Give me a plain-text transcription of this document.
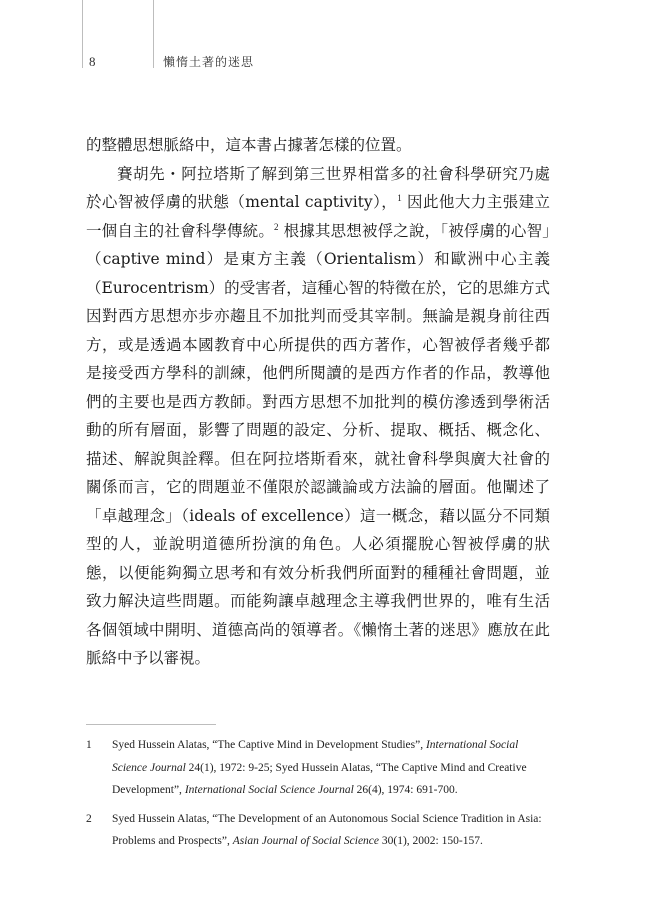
8	懶惰土著的迷思

的整體思想脈絡中，這本書占據著怎樣的位置。

賽胡先・阿拉塔斯了解到第三世界相當多的社會科學研究乃處於心智被俘虜的狀態（mental captivity），$^1$ 因此他大力主張建立一個自主的社會科學傳統。$^2$ 根據其思想被俘之說，「被俘虜的心智」（captive mind）是東方主義（Orientalism）和歐洲中心主義（Eurocentrism）的受害者，這種心智的特徵在於，它的思維方式因對西方思想亦步亦趨且不加批判而受其宰制。無論是親身前往西方，或是透過本國教育中心所提供的西方著作，心智被俘者幾乎都是接受西方學科的訓練，他們所閱讀的是西方作者的作品，教導他們的主要也是西方教師。對西方思想不加批判的模仿滲透到學術活動的所有層面，影響了問題的設定、分析、提取、概括、概念化、描述、解說與詮釋。但在阿拉塔斯看來，就社會科學與廣大社會的關係而言，它的問題並不僅限於認識論或方法論的層面。他闡述了「卓越理念」（ideals of excellence）這一概念，藉以區分不同類型的人，並說明道德所扮演的角色。人必須擺脫心智被俘虜的狀態，以便能夠獨立思考和有效分析我們所面對的種種社會問題，並致力解決這些問題。而能夠讓卓越理念主導我們世界的，唯有生活各個領域中開明、道德高尚的領導者。《懶惰土著的迷思》應放在此脈絡中予以審視。

1 Syed Hussein Alatas, “The Captive Mind in Development Studies”, International Social Science Journal 24(1), 1972: 9-25; Syed Hussein Alatas, “The Captive Mind and Creative Development”, International Social Science Journal 26(4), 1974: 691-700.
2 Syed Hussein Alatas, “The Development of an Autonomous Social Science Tradition in Asia: Problems and Prospects”, Asian Journal of Social Science 30(1), 2002: 150-157.
